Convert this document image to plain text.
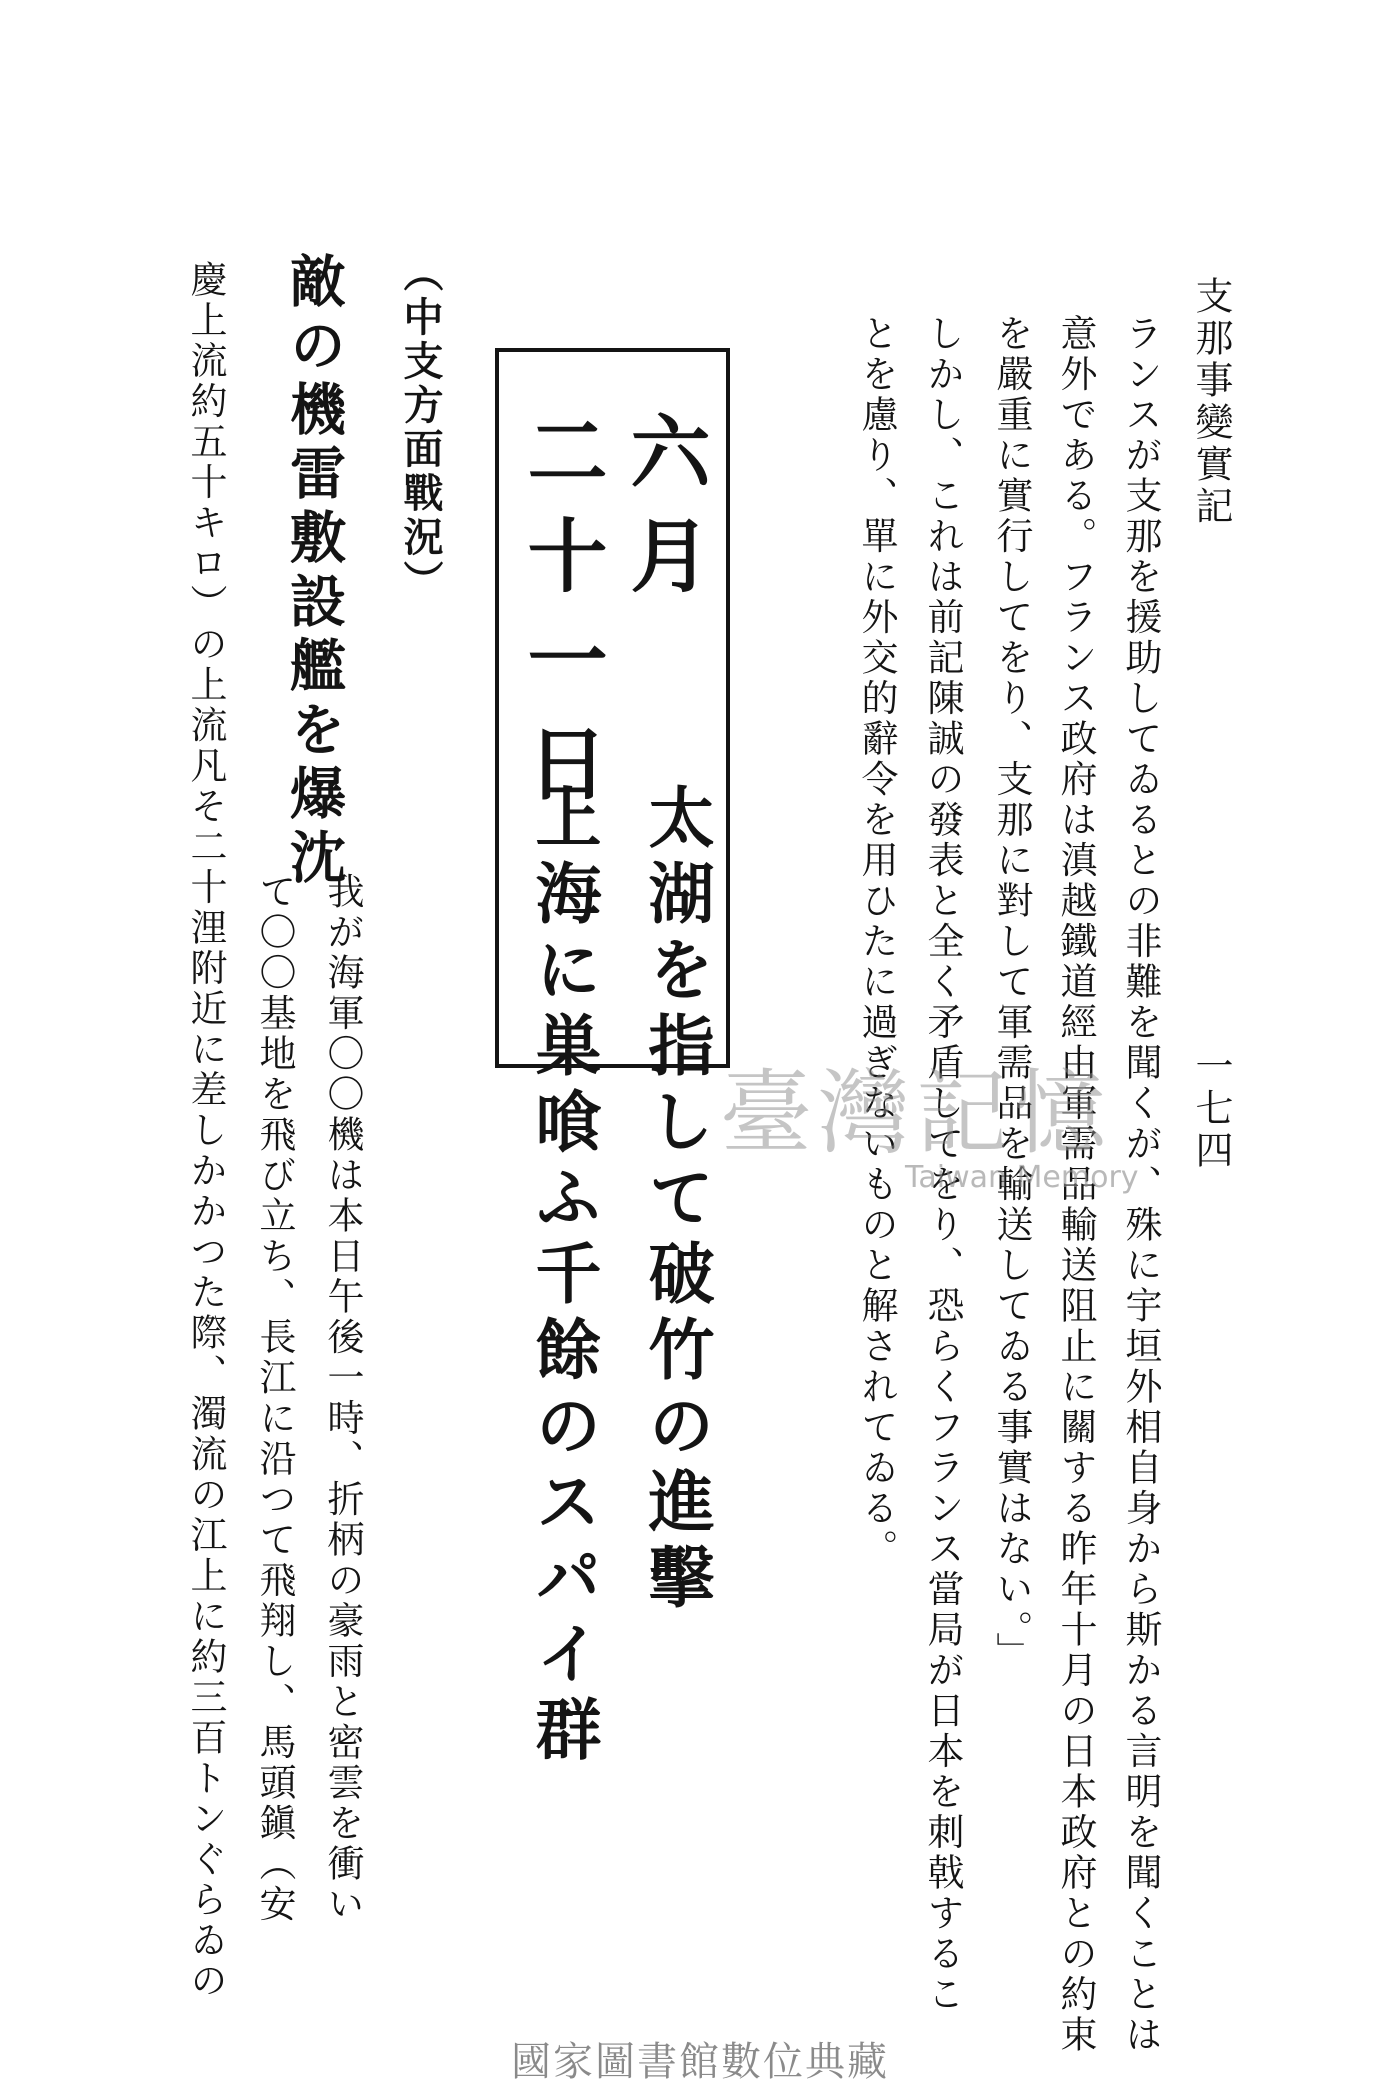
支那事變實記
一七四
ランスが支那を援助してゐるとの非難を聞くが、殊に宇垣外相自身から斯かる言明を聞くことは
意外である。フランス政府は滇越鐵道經由軍需品輸送阻止に關する昨年十月の日本政府との約束
を嚴重に實行してをり、支那に對して軍需品を輸送してゐる事實はない。」
しかし、これは前記陳誠の發表と全く矛盾してをり、恐らくフランス當局が日本を刺戟するこ
とを慮り、單に外交的辭令を用ひたに過ぎないものと解されてゐる。
太湖を指して破竹の進擊
上海に巣喰ふ千餘のスパイ群
六月
二十一日
（中支方面戰況）
敵の機雷敷設艦を爆沈
我が海軍〇〇機は本日午後一時、折柄の豪雨と密雲を衝い
て〇〇基地を飛び立ち、長江に沿つて飛翔し、馬頭鎭（安
慶上流約五十キロ）の上流凡そ二十浬附近に差しかかつた際、濁流の江上に約三百トンぐらゐの	臺灣記憶
Taiwan Memory
國家圖書館數位典藏
